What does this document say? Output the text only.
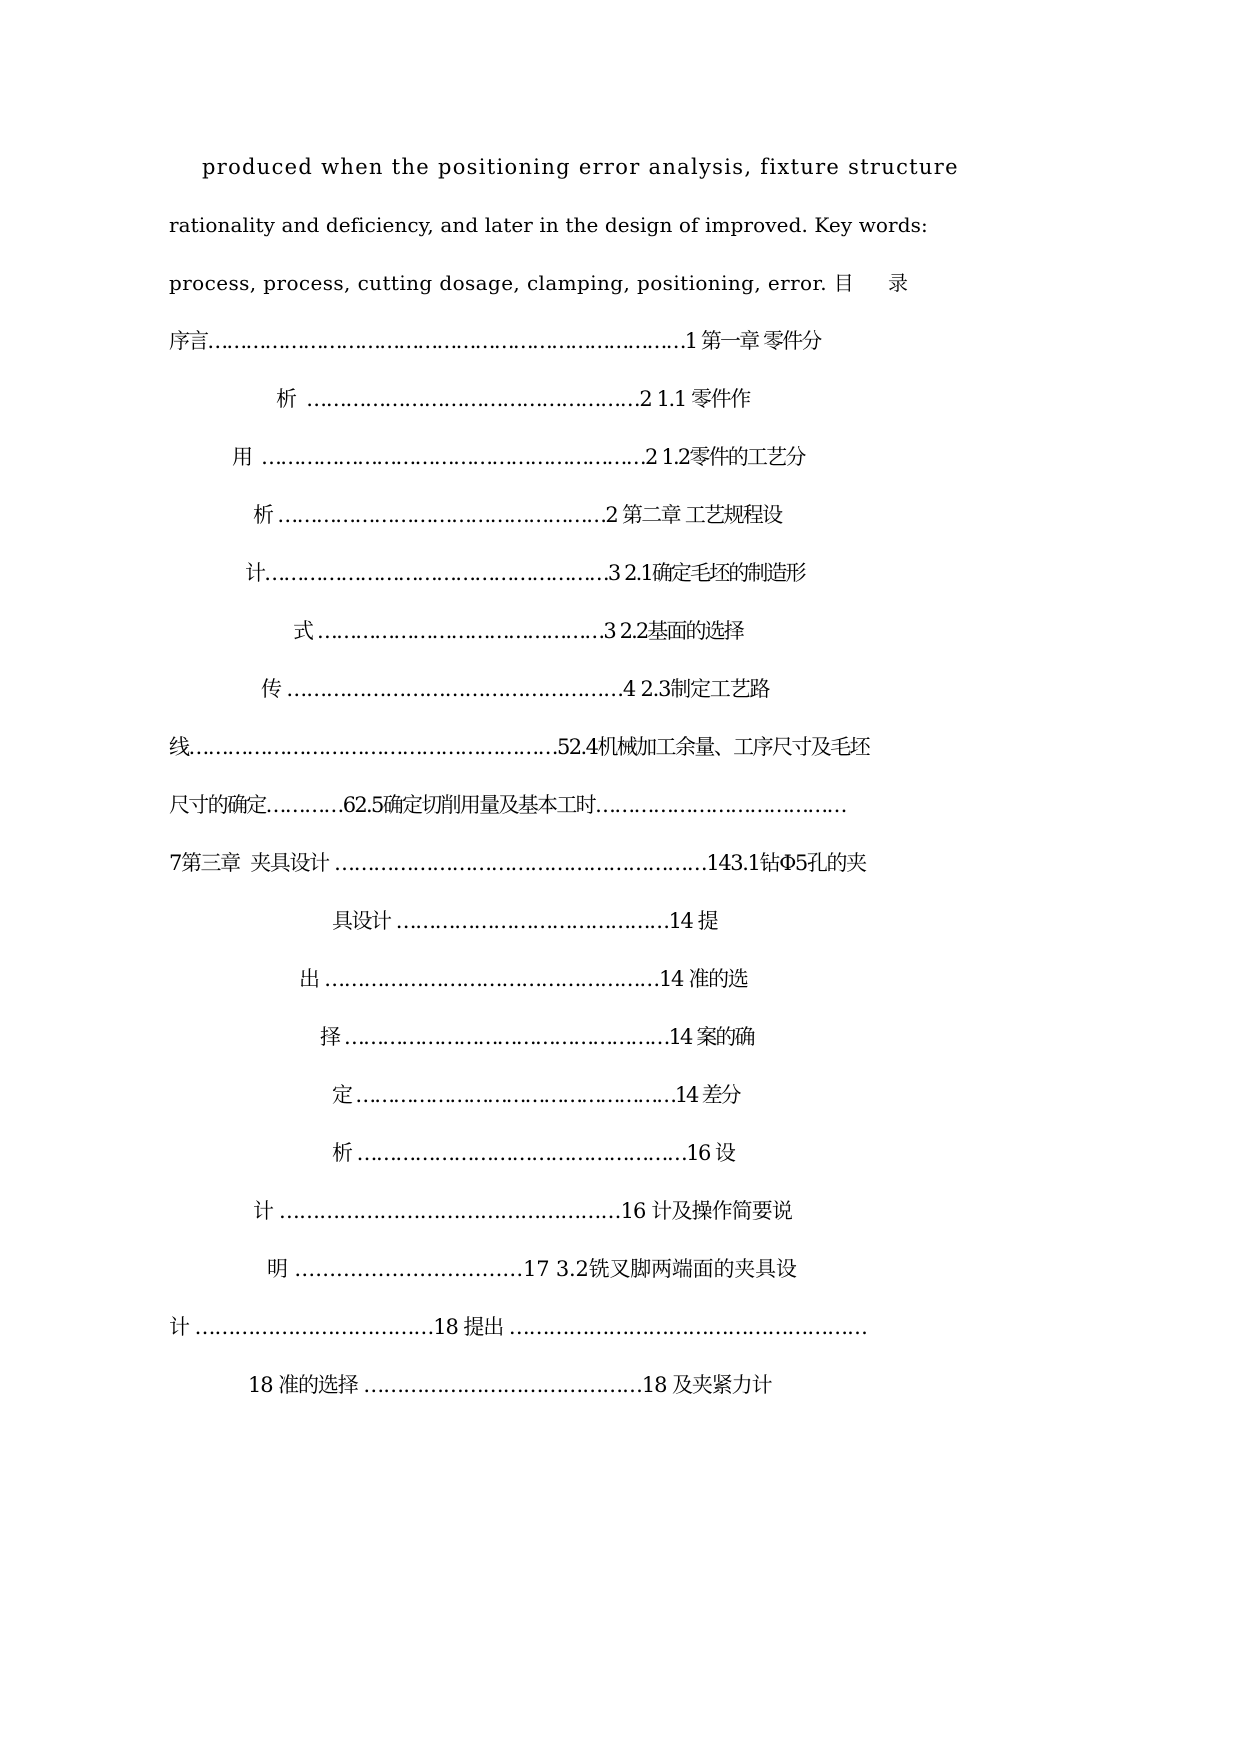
produced when the positioning error analysis, fixture structure
rationality and deficiency, and later in the design of improved. Key words:
process, process, cutting dosage, clamping, positioning, error. 目     录
序言…………………………………………………………………1 第一章 零件分
析  ……………………………………………2 1.1 零件作
用  ……………………………………………………2 1.2零件的工艺分
析 ……………………………………………2 第二章 工艺规程设
计………………………………………………3 2.1确定毛坯的制造形
式 ………………………………………3 2.2基面的选择
传 ……………………………………………4 2.3制定工艺路
线…………………………………………………52.4机械加工余量、工序尺寸及毛坯
尺寸的确定…………62.5确定切削用量及基本工时…………………………………
7第三章  夹具设计 …………………………………………………143.1钻Φ5孔的夹
具设计 ……………………………………14 提
出 ……………………………………………14 准的选
择 ……………………………………………14 案的确
定 ……………………………………………14 差分
析 ……………………………………………16 设
计 ……………………………………………16 计及操作简要说
明 ……………………………17 3.2铣叉脚两端面的夹具设
计 ………………………………18 提出 ………………………………………………
18 准的选择 ……………………………………18 及夹紧力计
